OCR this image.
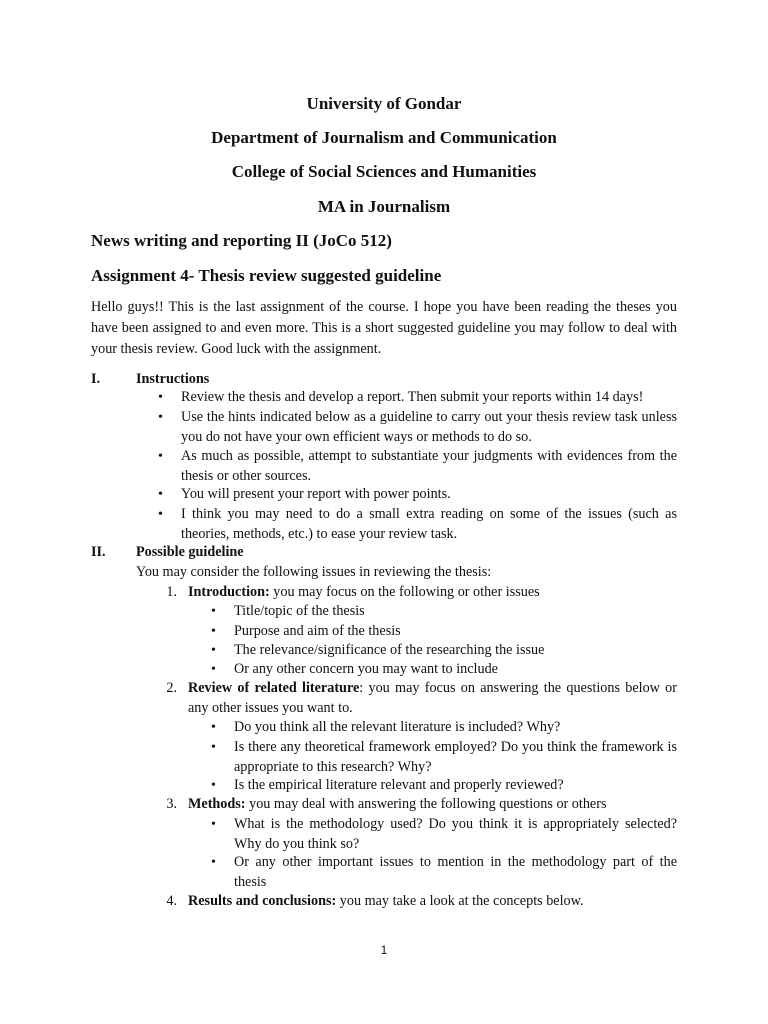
University of Gondar
Department of Journalism and Communication
College of Social Sciences and Humanities
MA in Journalism
News writing and reporting II (JoCo 512)
Assignment 4- Thesis review suggested guideline
Hello guys!! This is the last assignment of the course. I hope you have been reading the theses you have been assigned to and even more. This is a short suggested guideline you may follow to deal with your thesis review. Good luck with the assignment.
I.	Instructions
• Review the thesis and develop a report. Then submit your reports within 14 days!
• Use the hints indicated below as a guideline to carry out your thesis review task unless you do not have your own efficient ways or methods to do so.
• As much as possible, attempt to substantiate your judgments with evidences from the thesis or other sources.
• You will present your report with power points.
• I think you may need to do a small extra reading on some of the issues (such as theories, methods, etc.) to ease your review task.
II. Possible guideline
You may consider the following issues in reviewing the thesis:
1. Introduction: you may focus on the following or other issues
• Title/topic of the thesis
• Purpose and aim of the thesis
• The relevance/significance of the researching the issue
• Or any other concern you may want to include
2. Review of related literature: you may focus on answering the questions below or any other issues you want to.
• Do you think all the relevant literature is included? Why?
• Is there any theoretical framework employed? Do you think the framework is appropriate to this research? Why?
• Is the empirical literature relevant and properly reviewed?
3. Methods: you may deal with answering the following questions or others
• What is the methodology used? Do you think it is appropriately selected? Why do you think so?
• Or any other important issues to mention in the methodology part of the thesis
4. Results and conclusions: you may take a look at the concepts below.
1
